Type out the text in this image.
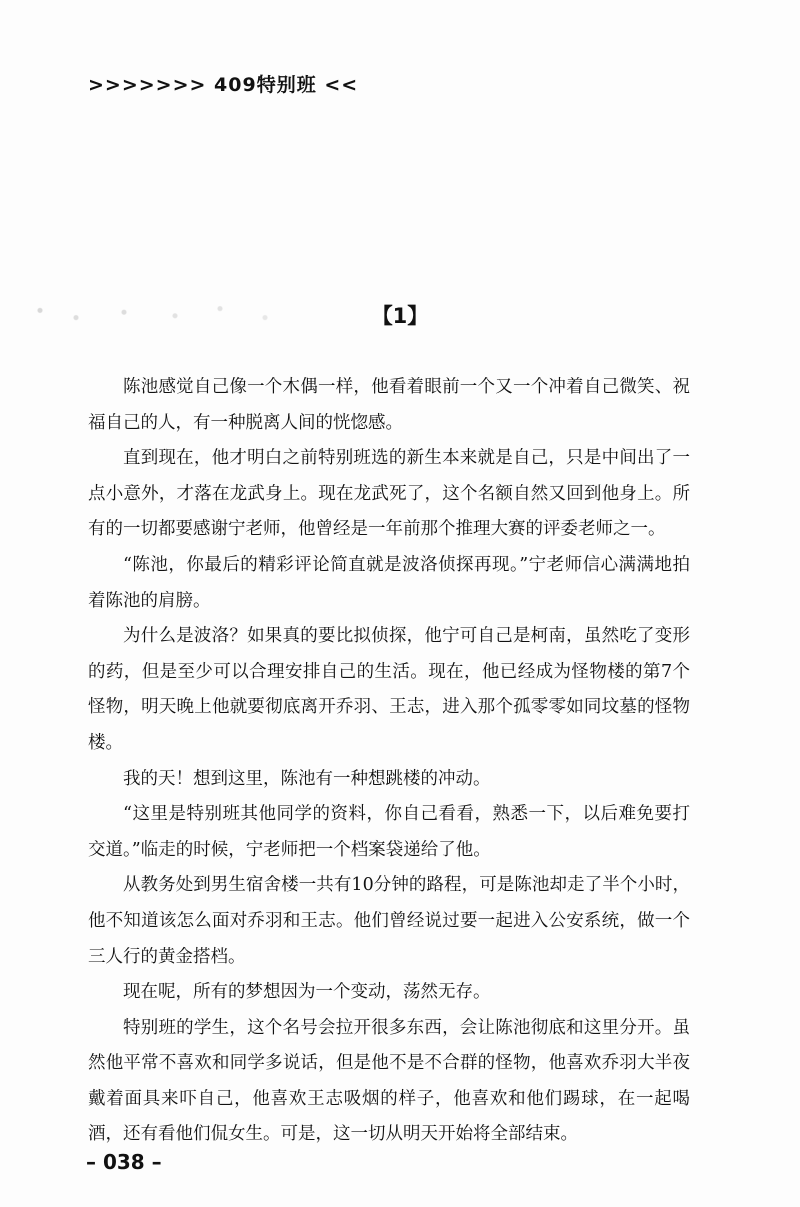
>>>>>>> 409特别班 <<
【1】

陈池感觉自己像一个木偶一样，他看着眼前一个又一个冲着自己微笑、祝福自己的人，有一种脱离人间的恍惚感。

直到现在，他才明白之前特别班选的新生本来就是自己，只是中间出了一点小意外，才落在龙武身上。现在龙武死了，这个名额自然又回到他身上。所有的一切都要感谢宁老师，他曾经是一年前那个推理大赛的评委老师之一。

“陈池，你最后的精彩评论简直就是波洛侦探再现。”宁老师信心满满地拍着陈池的肩膀。

为什么是波洛？如果真的要比拟侦探，他宁可自己是柯南，虽然吃了变形的药，但是至少可以合理安排自己的生活。现在，他已经成为怪物楼的第7个怪物，明天晚上他就要彻底离开乔羽、王志，进入那个孤零零如同坟墓的怪物楼。

我的天！想到这里，陈池有一种想跳楼的冲动。

“这里是特别班其他同学的资料，你自己看看，熟悉一下，以后难免要打交道。”临走的时候，宁老师把一个档案袋递给了他。

从教务处到男生宿舍楼一共有10分钟的路程，可是陈池却走了半个小时，他不知道该怎么面对乔羽和王志。他们曾经说过要一起进入公安系统，做一个三人行的黄金搭档。

现在呢，所有的梦想因为一个变动，荡然无存。

特别班的学生，这个名号会拉开很多东西，会让陈池彻底和这里分开。虽然他平常不喜欢和同学多说话，但是他不是不合群的怪物，他喜欢乔羽大半夜戴着面具来吓自己，他喜欢王志吸烟的样子，他喜欢和他们踢球，在一起喝酒，还有看他们侃女生。可是，这一切从明天开始将全部结束。

– 038 –
